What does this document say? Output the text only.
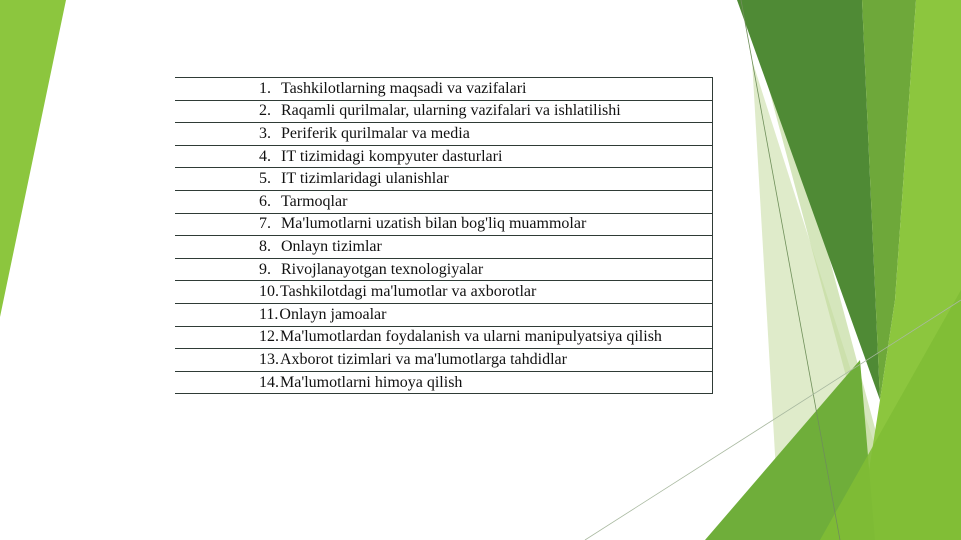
1. Tashkilotlarning maqsadi va vazifalari
2. Raqamli qurilmalar, ularning vazifalari va ishlatilishi
3. Periferik qurilmalar va media
4. IT tizimidagi kompyuter dasturlari
5. IT tizimlaridagi ulanishlar
6. Tarmoqlar
7. Ma'lumotlarni uzatish bilan bog'liq muammolar
8. Onlayn tizimlar
9. Rivojlanayotgan texnologiyalar
10.Tashkilotdagi ma'lumotlar va axborotlar
11.Onlayn jamoalar
12.Ma'lumotlardan foydalanish va ularni manipulyatsiya qilish
13.Axborot tizimlari va ma'lumotlarga tahdidlar
14.Ma'lumotlarni himoya qilish
